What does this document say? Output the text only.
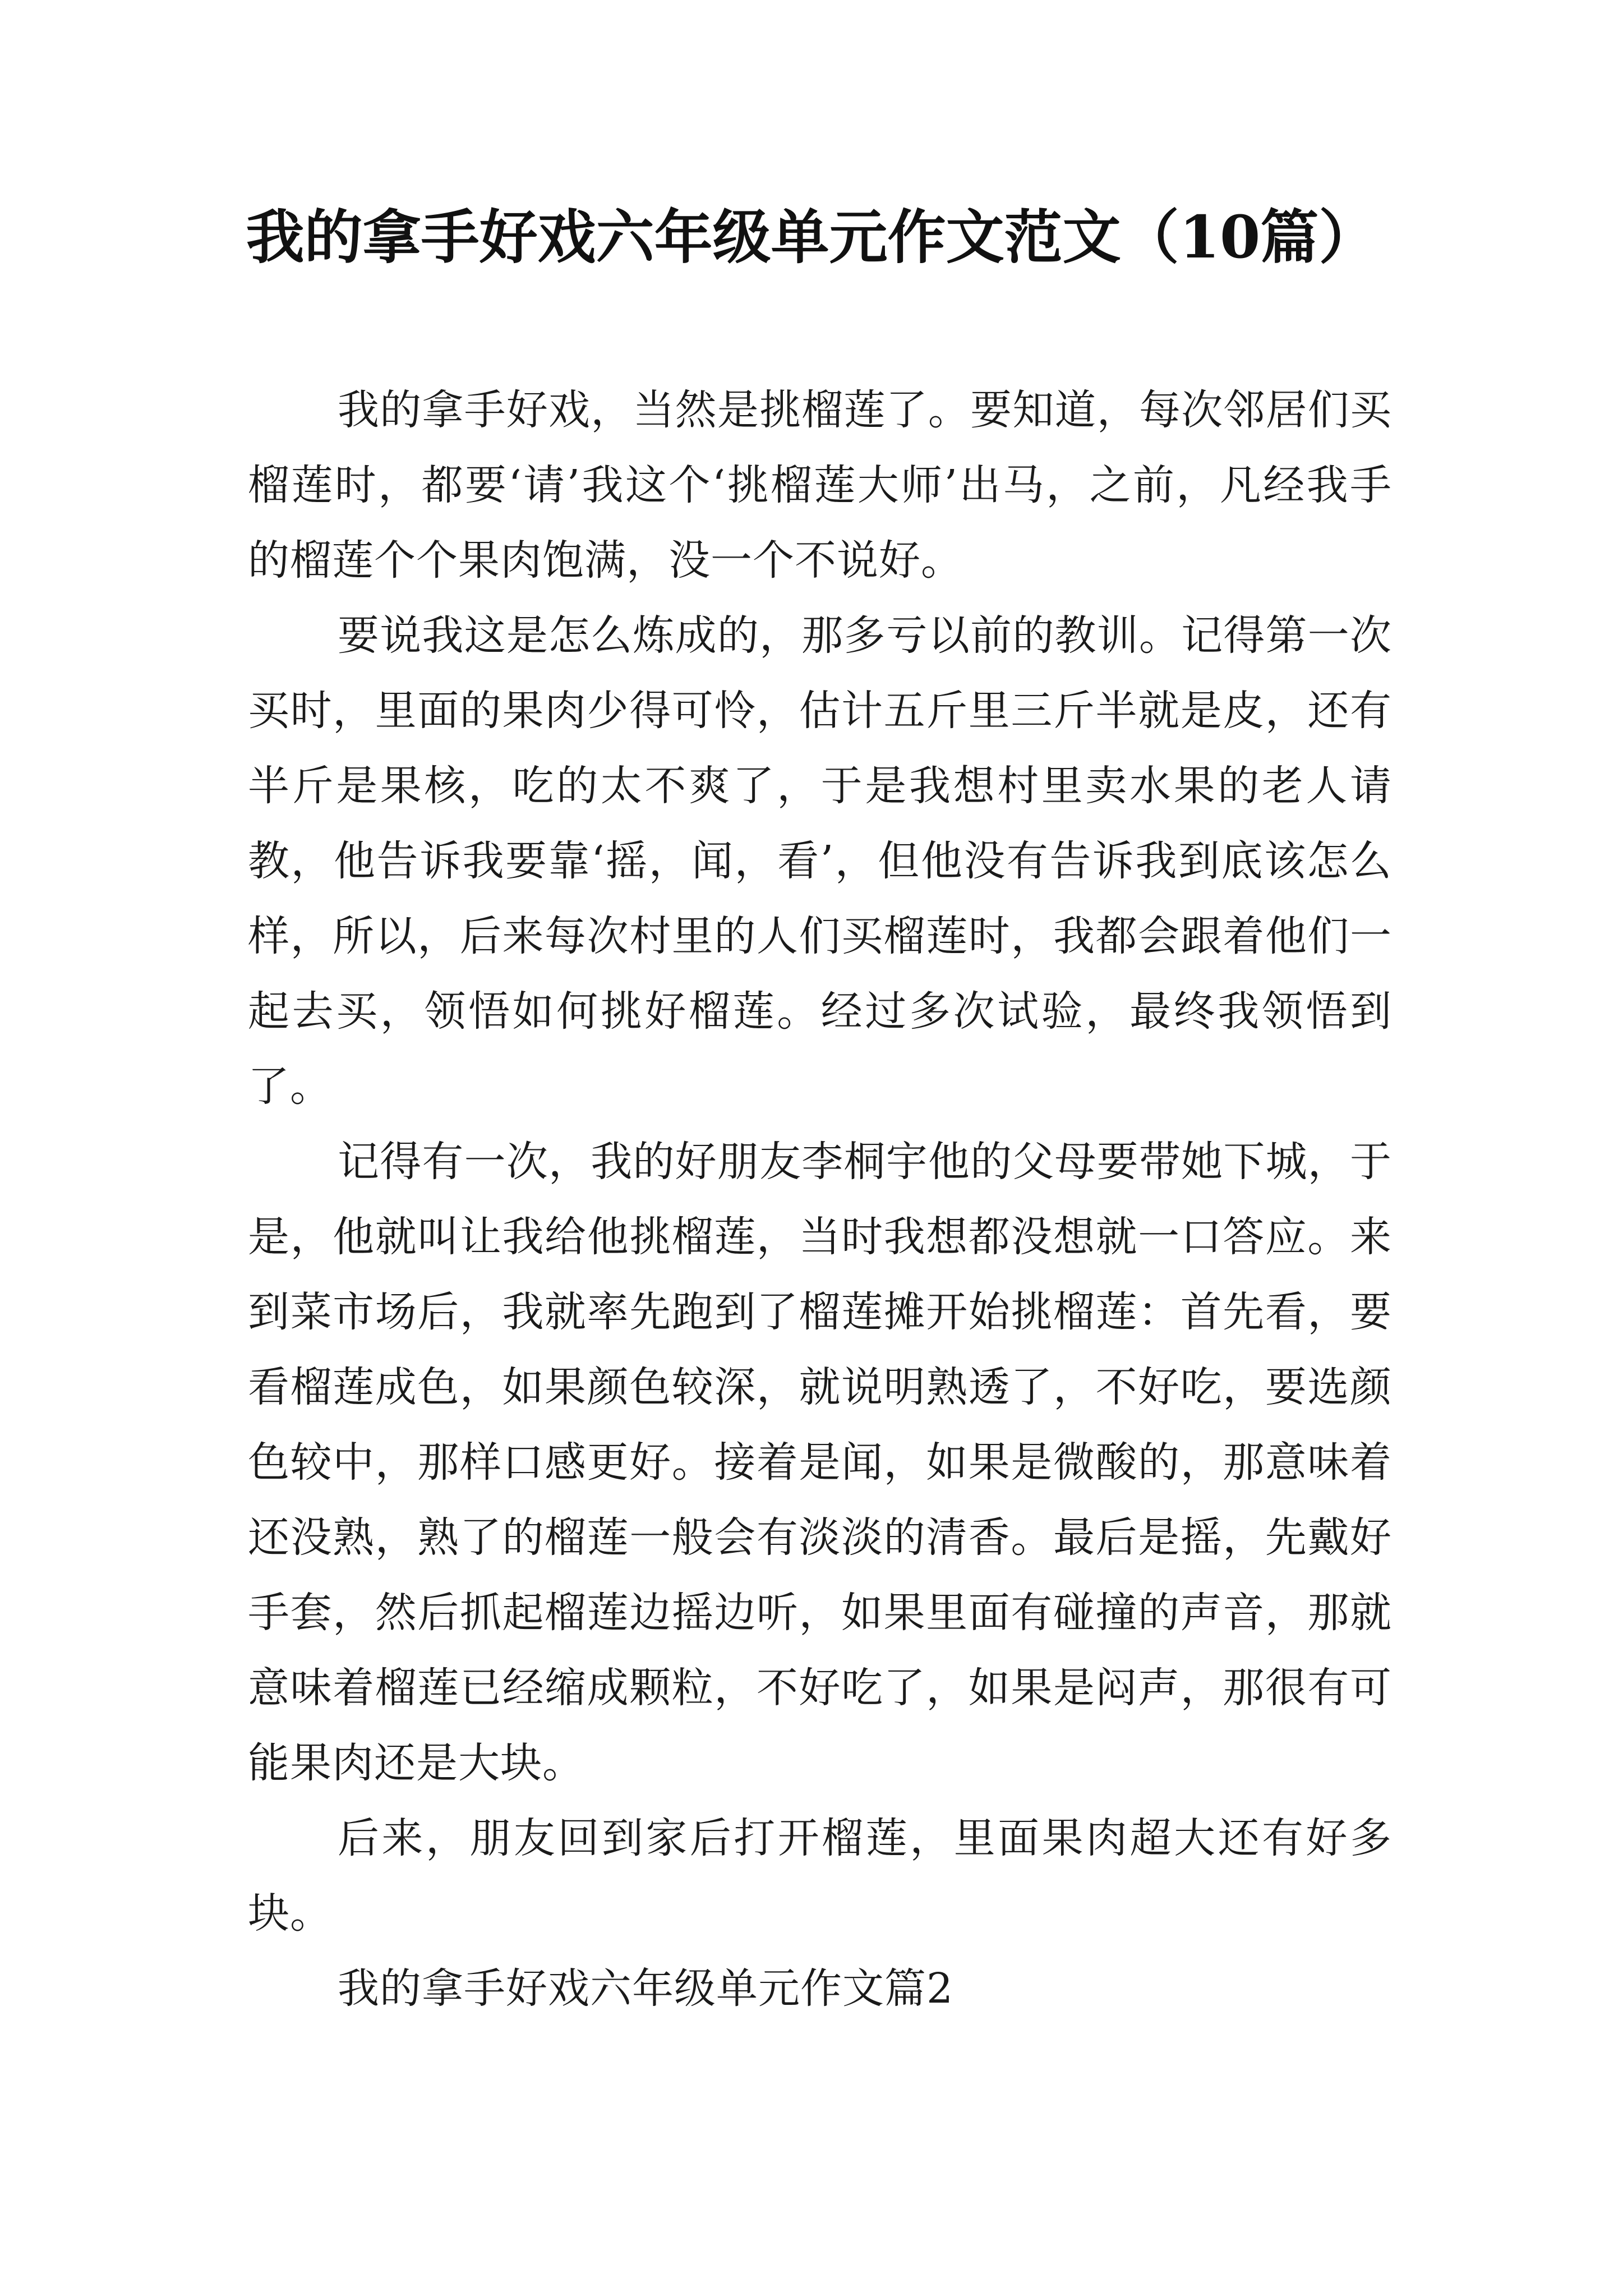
我的拿手好戏六年级单元作文范文（10篇）

我的拿手好戏，当然是挑榴莲了。要知道，每次邻居们买榴莲时，都要‘请’我这个‘挑榴莲大师’出马，之前，凡经我手的榴莲个个果肉饱满，没一个不说好。

要说我这是怎么炼成的，那多亏以前的教训。记得第一次买时，里面的果肉少得可怜，估计五斤里三斤半就是皮，还有半斤是果核，吃的太不爽了，于是我想村里卖水果的老人请教，他告诉我要靠‘摇，闻，看’，但他没有告诉我到底该怎么样，所以，后来每次村里的人们买榴莲时，我都会跟着他们一起去买，领悟如何挑好榴莲。经过多次试验，最终我领悟到了。

记得有一次，我的好朋友李桐宇他的父母要带她下城，于是，他就叫让我给他挑榴莲，当时我想都没想就一口答应。来到菜市场后，我就率先跑到了榴莲摊开始挑榴莲：首先看，要看榴莲成色，如果颜色较深，就说明熟透了，不好吃，要选颜色较中，那样口感更好。接着是闻，如果是微酸的，那意味着还没熟，熟了的榴莲一般会有淡淡的清香。最后是摇，先戴好手套，然后抓起榴莲边摇边听，如果里面有碰撞的声音，那就意味着榴莲已经缩成颗粒，不好吃了，如果是闷声，那很有可能果肉还是大块。

后来，朋友回到家后打开榴莲，里面果肉超大还有好多块。

我的拿手好戏六年级单元作文篇2
